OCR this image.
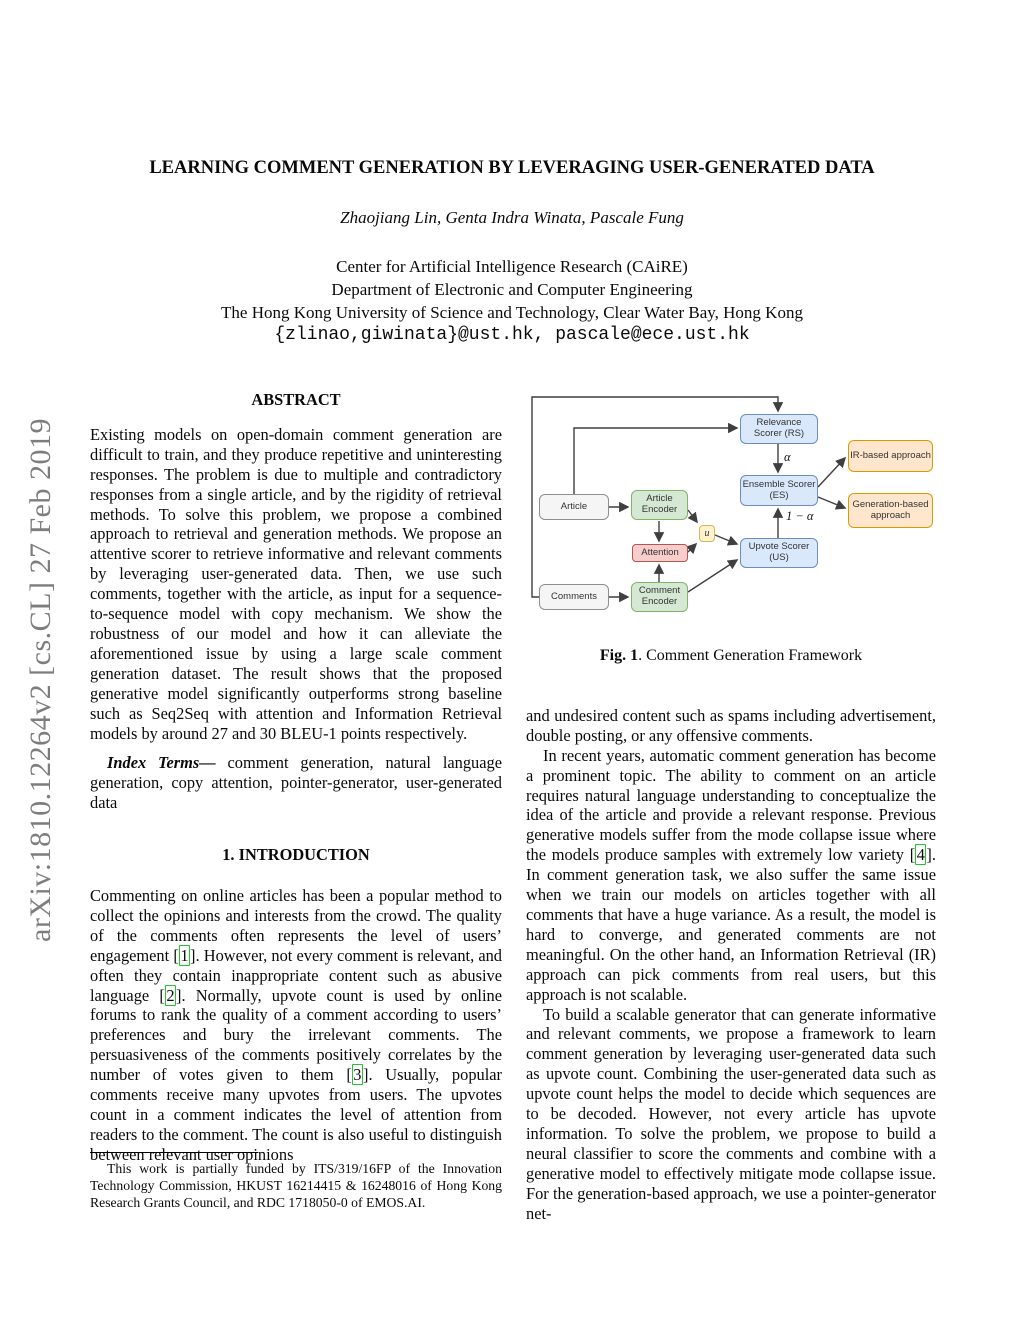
arXiv:1810.12264v2 [cs.CL] 27 Feb 2019
LEARNING COMMENT GENERATION BY LEVERAGING USER-GENERATED DATA
Zhaojiang Lin, Genta Indra Winata, Pascale Fung
Center for Artificial Intelligence Research (CAiRE)
Department of Electronic and Computer Engineering
The Hong Kong University of Science and Technology, Clear Water Bay, Hong Kong
{zlinao,giwinata}@ust.hk, pascale@ece.ust.hk
ABSTRACT

Existing models on open-domain comment generation are difficult to train, and they produce repetitive and uninteresting responses. The problem is due to multiple and contradictory responses from a single article, and by the rigidity of retrieval methods. To solve this problem, we propose a combined approach to retrieval and generation methods. We propose an attentive scorer to retrieve informative and relevant comments by leveraging user-generated data. Then, we use such comments, together with the article, as input for a sequence-to-sequence model with copy mechanism. We show the robustness of our model and how it can alleviate the aforementioned issue by using a large scale comment generation dataset. The result shows that the proposed generative model significantly outperforms strong baseline such as Seq2Seq with attention and Information Retrieval models by around 27 and 30 BLEU-1 points respectively.

Index Terms— comment generation, natural language generation, copy attention, pointer-generator, user-generated data

1. INTRODUCTION

Commenting on online articles has been a popular method to collect the opinions and interests from the crowd. The quality of the comments often represents the level of users’ engagement [1]. However, not every comment is relevant, and often they contain inappropriate content such as abusive language [2]. Normally, upvote count is used by online forums to rank the quality of a comment according to users’ preferences and bury the irrelevant comments. The persuasiveness of the comments positively correlates by the number of votes given to them [3]. Usually, popular comments receive many upvotes from users. The upvotes count in a comment indicates the level of attention from readers to the comment. The count is also useful to distinguish between relevant user opinions

This work is partially funded by ITS/319/16FP of the Innovation Technology Commission, HKUST 16214415 & 16248016 of Hong Kong Research Grants Council, and RDC 1718050-0 of EMOS.AI.

Article
Comments
Article Encoder
Attention
Comment Encoder
u
Relevance Scorer (RS)
Ensemble Scorer (ES)
Upvote Scorer (US)
IR-based approach
Generation-based approach
α
1 − α
Fig. 1. Comment Generation Framework

and undesired content such as spams including advertisement, double posting, or any offensive comments.

In recent years, automatic comment generation has become a prominent topic. The ability to comment on an article requires natural language understanding to conceptualize the idea of the article and provide a relevant response. Previous generative models suffer from the mode collapse issue where the models produce samples with extremely low variety [4]. In comment generation task, we also suffer the same issue when we train our models on articles together with all comments that have a huge variance. As a result, the model is hard to converge, and generated comments are not meaningful. On the other hand, an Information Retrieval (IR) approach can pick comments from real users, but this approach is not scalable.

To build a scalable generator that can generate informative and relevant comments, we propose a framework to learn comment generation by leveraging user-generated data such as upvote count. Combining the user-generated data such as upvote count helps the model to decide which sequences are to be decoded. However, not every article has upvote information. To solve the problem, we propose to build a neural classifier to score the comments and combine with a generative model to effectively mitigate mode collapse issue. For the generation-based approach, we use a pointer-generator net-
